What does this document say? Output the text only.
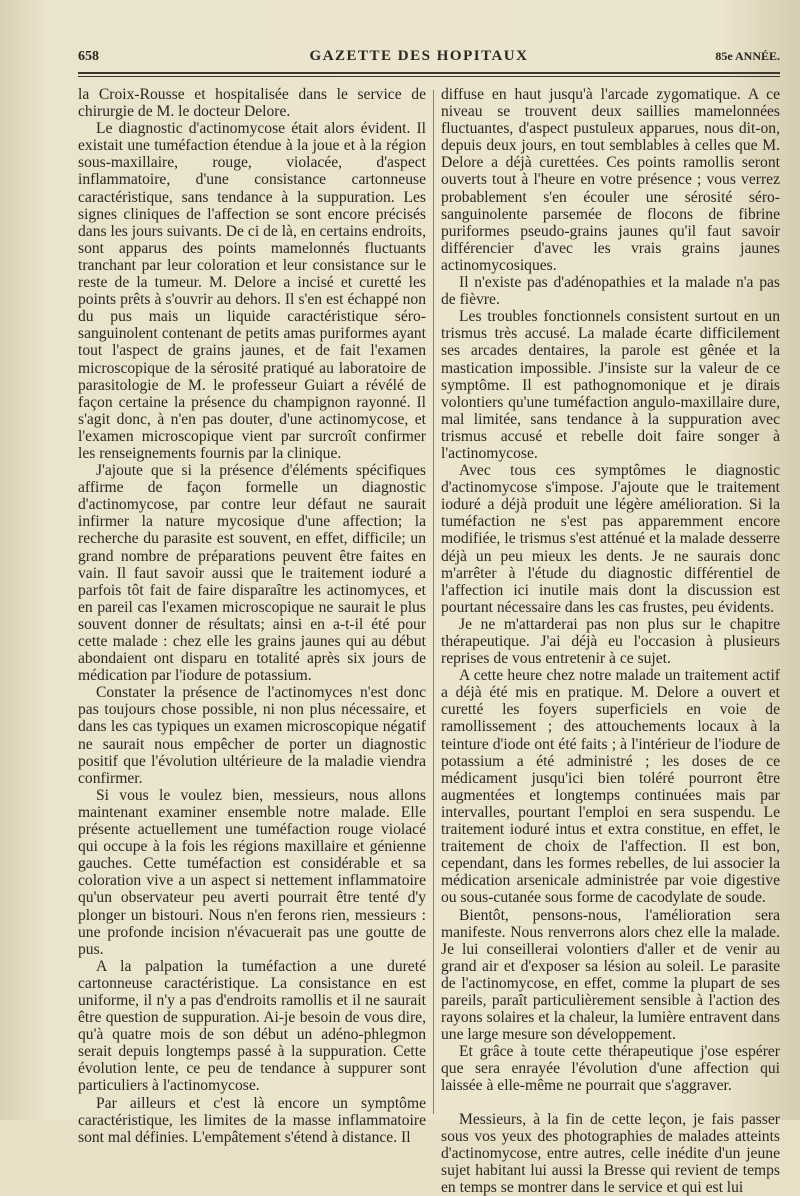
658	GAZETTE DES HOPITAUX	85e ANNÉE.

la Croix-Rousse et hospitalisée dans le service de chirurgie de M. le docteur Delore.

Le diagnostic d'actinomycose était alors évident. Il existait une tuméfaction étendue à la joue et à la région sous-maxillaire, rouge, violacée, d'aspect inflammatoire, d'une consistance cartonneuse caractéristique, sans tendance à la suppuration. Les signes cliniques de l'affection se sont encore précisés dans les jours suivants. De ci de là, en certains endroits, sont apparus des points mamelonnés fluctuants tranchant par leur coloration et leur consistance sur le reste de la tumeur. M. Delore a incisé et curetté les points prêts à s'ouvrir au dehors. Il s'en est échappé non du pus mais un liquide caractéristique séro-sanguinolent contenant de petits amas puriformes ayant tout l'aspect de grains jaunes, et de fait l'examen microscopique de la sérosité pratiqué au laboratoire de parasitologie de M. le professeur Guiart a révélé de façon certaine la présence du champignon rayonné. Il s'agit donc, à n'en pas douter, d'une actinomycose, et l'examen microscopique vient par surcroît confirmer les renseignements fournis par la clinique.

J'ajoute que si la présence d'éléments spécifiques affirme de façon formelle un diagnostic d'actinomycose, par contre leur défaut ne saurait infirmer la nature mycosique d'une affection; la recherche du parasite est souvent, en effet, difficile; un grand nombre de préparations peuvent être faites en vain. Il faut savoir aussi que le traitement ioduré a parfois tôt fait de faire disparaître les actinomyces, et en pareil cas l'examen microscopique ne saurait le plus souvent donner de résultats; ainsi en a-t-il été pour cette malade : chez elle les grains jaunes qui au début abondaient ont disparu en totalité après six jours de médication par l'iodure de potassium.

Constater la présence de l'actinomyces n'est donc pas toujours chose possible, ni non plus nécessaire, et dans les cas typiques un examen microscopique négatif ne saurait nous empêcher de porter un diagnostic positif que l'évolution ultérieure de la maladie viendra confirmer.

Si vous le voulez bien, messieurs, nous allons maintenant examiner ensemble notre malade. Elle présente actuellement une tuméfaction rouge violacé qui occupe à la fois les régions maxillaire et génienne gauches. Cette tuméfaction est considérable et sa coloration vive a un aspect si nettement inflammatoire qu'un observateur peu averti pourrait être tenté d'y plonger un bistouri. Nous n'en ferons rien, messieurs : une profonde incision n'évacuerait pas une goutte de pus.

A la palpation la tuméfaction a une dureté cartonneuse caractéristique. La consistance en est uniforme, il n'y a pas d'endroits ramollis et il ne saurait être question de suppuration. Ai-je besoin de vous dire, qu'à quatre mois de son début un adéno-phlegmon serait depuis longtemps passé à la suppuration. Cette évolution lente, ce peu de tendance à suppurer sont particuliers à l'actinomycose.

Par ailleurs et c'est là encore un symptôme caractéristique, les limites de la masse inflammatoire sont mal définies. L'empâtement s'étend à distance. Il

diffuse en haut jusqu'à l'arcade zygomatique. A ce niveau se trouvent deux saillies mamelonnées fluctuantes, d'aspect pustuleux apparues, nous dit-on, depuis deux jours, en tout semblables à celles que M. Delore a déjà curettées. Ces points ramollis seront ouverts tout à l'heure en votre présence ; vous verrez probablement s'en écouler une sérosité séro-sanguinolente parsemée de flocons de fibrine puriformes pseudo-grains jaunes qu'il faut savoir différencier d'avec les vrais grains jaunes actinomycosiques.

Il n'existe pas d'adénopathies et la malade n'a pas de fièvre.

Les troubles fonctionnels consistent surtout en un trismus très accusé. La malade écarte difficilement ses arcades dentaires, la parole est gênée et la mastication impossible. J'insiste sur la valeur de ce symptôme. Il est pathognomonique et je dirais volontiers qu'une tuméfaction angulo-maxillaire dure, mal limitée, sans tendance à la suppuration avec trismus accusé et rebelle doit faire songer à l'actinomycose.

Avec tous ces symptômes le diagnostic d'actinomycose s'impose. J'ajoute que le traitement ioduré a déjà produit une légère amélioration. Si la tuméfaction ne s'est pas apparemment encore modifiée, le trismus s'est atténué et la malade desserre déjà un peu mieux les dents. Je ne saurais donc m'arrêter à l'étude du diagnostic différentiel de l'affection ici inutile mais dont la discussion est pourtant nécessaire dans les cas frustes, peu évidents.

Je ne m'attarderai pas non plus sur le chapitre thérapeutique. J'ai déjà eu l'occasion à plusieurs reprises de vous entretenir à ce sujet.

A cette heure chez notre malade un traitement actif a déjà été mis en pratique. M. Delore a ouvert et curetté les foyers superficiels en voie de ramollissement ; des attouchements locaux à la teinture d'iode ont été faits ; à l'intérieur de l'iodure de potassium a été administré ; les doses de ce médicament jusqu'ici bien toléré pourront être augmentées et longtemps continuées mais par intervalles, pourtant l'emploi en sera suspendu. Le traitement ioduré intus et extra constitue, en effet, le traitement de choix de l'affection. Il est bon, cependant, dans les formes rebelles, de lui associer la médication arsenicale administrée par voie digestive ou sous-cutanée sous forme de cacodylate de soude.

Bientôt, pensons-nous, l'amélioration sera manifeste. Nous renverrons alors chez elle la malade. Je lui conseillerai volontiers d'aller et de venir au grand air et d'exposer sa lésion au soleil. Le parasite de l'actinomycose, en effet, comme la plupart de ses pareils, paraît particulièrement sensible à l'action des rayons solaires et la chaleur, la lumière entravent dans une large mesure son développement.

Et grâce à toute cette thérapeutique j'ose espérer que sera enrayée l'évolution d'une affection qui laissée à elle-même ne pourrait que s'aggraver.

Messieurs, à la fin de cette leçon, je fais passer sous vos yeux des photographies de malades atteints d'actinomycose, entre autres, celle inédite d'un jeune sujet habitant lui aussi la Bresse qui revient de temps en temps se montrer dans le service et qui est lui
